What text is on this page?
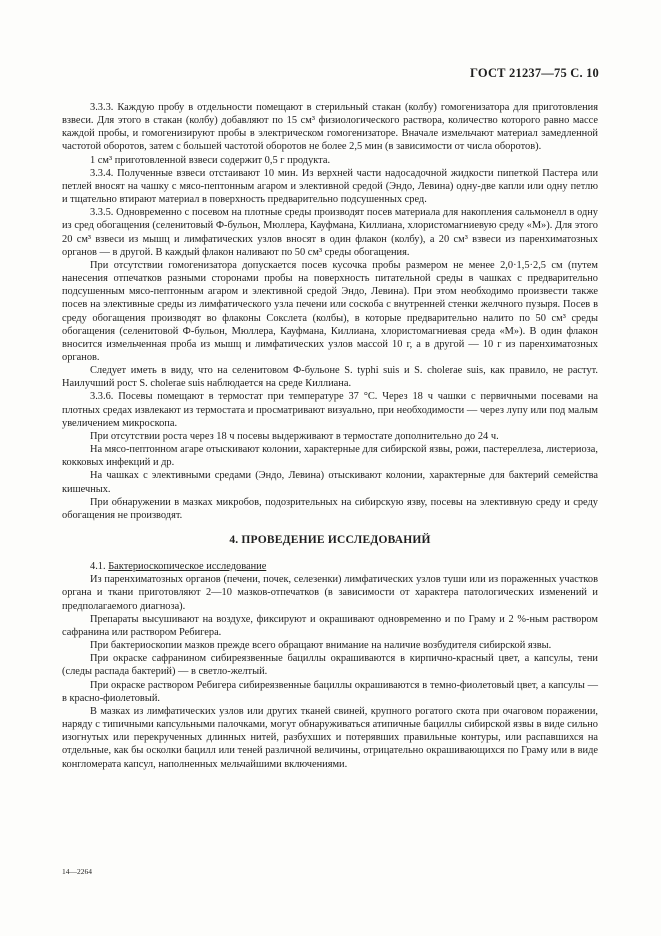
ГОСТ 21237—75 С. 10

3.3.3. Каждую пробу в отдельности помещают в стерильный стакан (колбу) гомогенизатора для приготовления взвеси. Для этого в стакан (колбу) добавляют по 15 см³ физиологического раствора, количество которого равно массе каждой пробы, и гомогенизируют пробы в электрическом гомогенизаторе. Вначале измельчают материал замедленной частотой оборотов, затем с большей частотой оборотов не более 2,5 мин (в зависимости от числа оборотов).

1 см³ приготовленной взвеси содержит 0,5 г продукта.

3.3.4. Полученные взвеси отстаивают 10 мин. Из верхней части надосадочной жидкости пипеткой Пастера или петлей вносят на чашку с мясо-пептонным агаром и элективной средой (Эндо, Левина) одну-две капли или одну петлю и тщательно втирают материал в поверхность предварительно подсушенных сред.

3.3.5. Одновременно с посевом на плотные среды производят посев материала для накопления сальмонелл в одну из сред обогащения (селенитовый Ф-бульон, Мюллера, Кауфмана, Киллиана, хлористомагниевую среду «М»). Для этого 20 см³ взвеси из мышц и лимфатических узлов вносят в один флакон (колбу), а 20 см³ взвеси из паренхиматозных органов — в другой. В каждый флакон наливают по 50 см³ среды обогащения.

При отсутствии гомогенизатора допускается посев кусочка пробы размером не менее 2,0·1,5·2,5 см (путем нанесения отпечатков разными сторонами пробы на поверхность питательной среды в чашках с предварительно подсушенным мясо-пептонным агаром и элективной средой Эндо, Левина). При этом необходимо произвести также посев на элективные среды из лимфатического узла печени или соскоба с внутренней стенки желчного пузыря. Посев в среду обогащения производят во флаконы Сокслета (колбы), в которые предварительно налито по 50 см³ среды обогащения (селенитовой Ф-бульон, Мюллера, Кауфмана, Киллиана, хлористомагниевая среда «М»). В один флакон вносится измельченная проба из мышц и лимфатических узлов массой 10 г, а в другой — 10 г из паренхиматозных органов.

Следует иметь в виду, что на селенитовом Ф-бульоне S. typhi suis и S. cholerae suis, как правило, не растут. Наилучший рост S. cholerae suis наблюдается на среде Киллиана.

3.3.6. Посевы помещают в термостат при температуре 37 °С. Через 18 ч чашки с первичными посевами на плотных средах извлекают из термостата и просматривают визуально, при необходимости — через лупу или под малым увеличением микроскопа.

При отсутствии роста через 18 ч посевы выдерживают в термостате дополнительно до 24 ч.

На мясо-пептонном агаре отыскивают колонии, характерные для сибирской язвы, рожи, пастереллеза, листериоза, кокковых инфекций и др.

На чашках с элективными средами (Эндо, Левина) отыскивают колонии, характерные для бактерий семейства кишечных.

При обнаружении в мазках микробов, подозрительных на сибирскую язву, посевы на элективную среду и среду обогащения не производят.

4. ПРОВЕДЕНИЕ ИССЛЕДОВАНИЙ

4.1. Бактериоскопическое исследование

Из паренхиматозных органов (печени, почек, селезенки) лимфатических узлов туши или из пораженных участков органа и ткани приготовляют 2—10 мазков-отпечатков (в зависимости от характера патологических изменений и предполагаемого диагноза).

Препараты высушивают на воздухе, фиксируют и окрашивают одновременно и по Граму и 2 %-ным раствором сафранина или раствором Ребигера.

При бактериоскопии мазков прежде всего обращают внимание на наличие возбудителя сибирской язвы.

При окраске сафранином сибиреязвенные бациллы окрашиваются в кирпично-красный цвет, а капсулы, тени (следы распада бактерий) — в светло-желтый.

При окраске раствором Ребигера сибиреязвенные бациллы окрашиваются в темно-фиолетовый цвет, а капсулы — в красно-фиолетовый.

В мазках из лимфатических узлов или других тканей свиней, крупного рогатого скота при очаговом поражении, наряду с типичными капсульными палочками, могут обнаруживаться атипичные бациллы сибирской язвы в виде сильно изогнутых или перекрученных длинных нитей, разбухших и потерявших правильные контуры, или распавшихся на отдельные, как бы осколки бацилл или теней различной величины, отрицательно окрашивающихся по Граму или в виде конгломерата капсул, наполненных мельчайшими включениями.

14—2264
